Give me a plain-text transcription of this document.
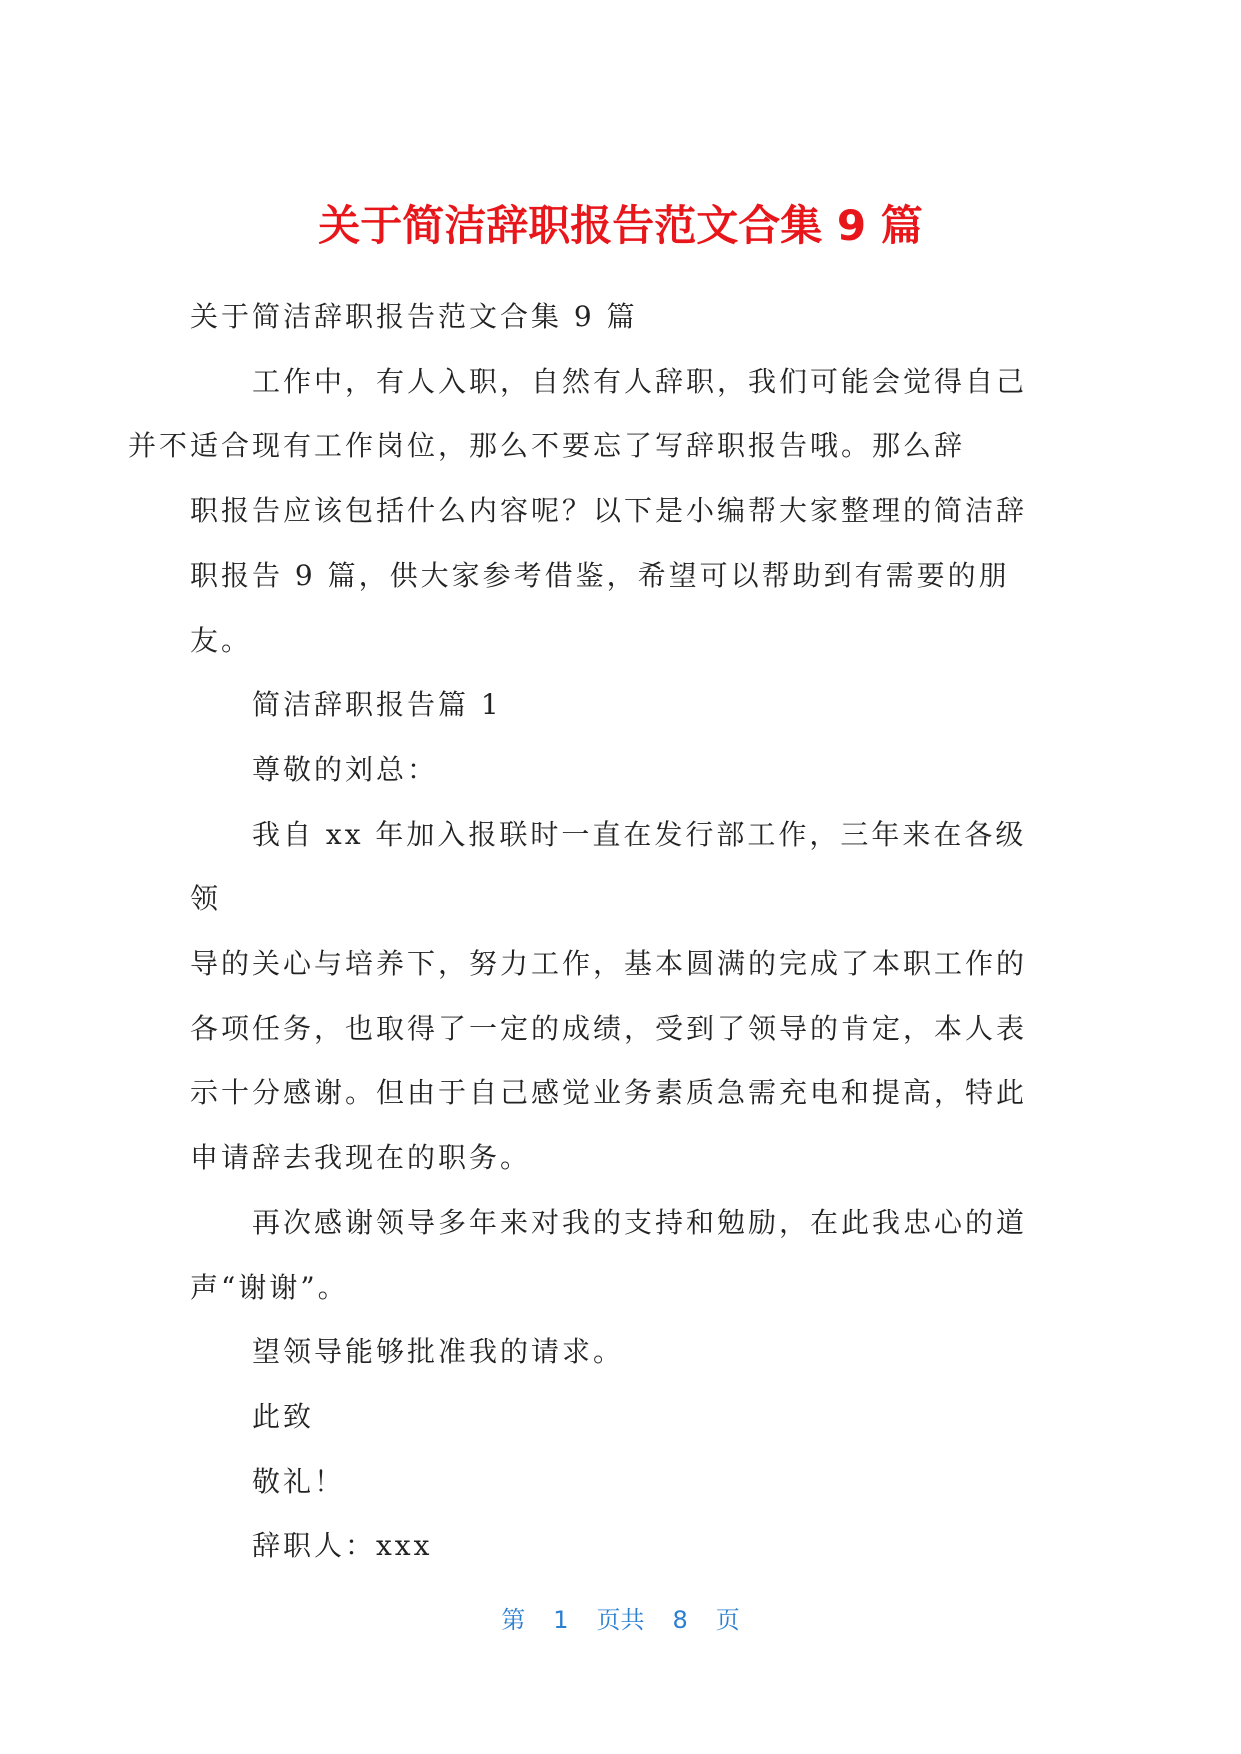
关于简洁辞职报告范文合集 9 篇

关于简洁辞职报告范文合集 9 篇

工作中，有人入职，自然有人辞职，我们可能会觉得自己
并不适合现有工作岗位，那么不要忘了写辞职报告哦。那么辞
职报告应该包括什么内容呢？以下是小编帮大家整理的简洁辞
职报告 9 篇，供大家参考借鉴，希望可以帮助到有需要的朋
友。

简洁辞职报告篇 1

尊敬的刘总：

我自 xx 年加入报联时一直在发行部工作，三年来在各级领
导的关心与培养下，努力工作，基本圆满的完成了本职工作的
各项任务，也取得了一定的成绩，受到了领导的肯定，本人表
示十分感谢。但由于自己感觉业务素质急需充电和提高，特此
申请辞去我现在的职务。

再次感谢领导多年来对我的支持和勉励，在此我忠心的道
声“谢谢”。

望领导能够批准我的请求。

此致

敬礼！

辞职人：xxx

第 1 页共 8 页
